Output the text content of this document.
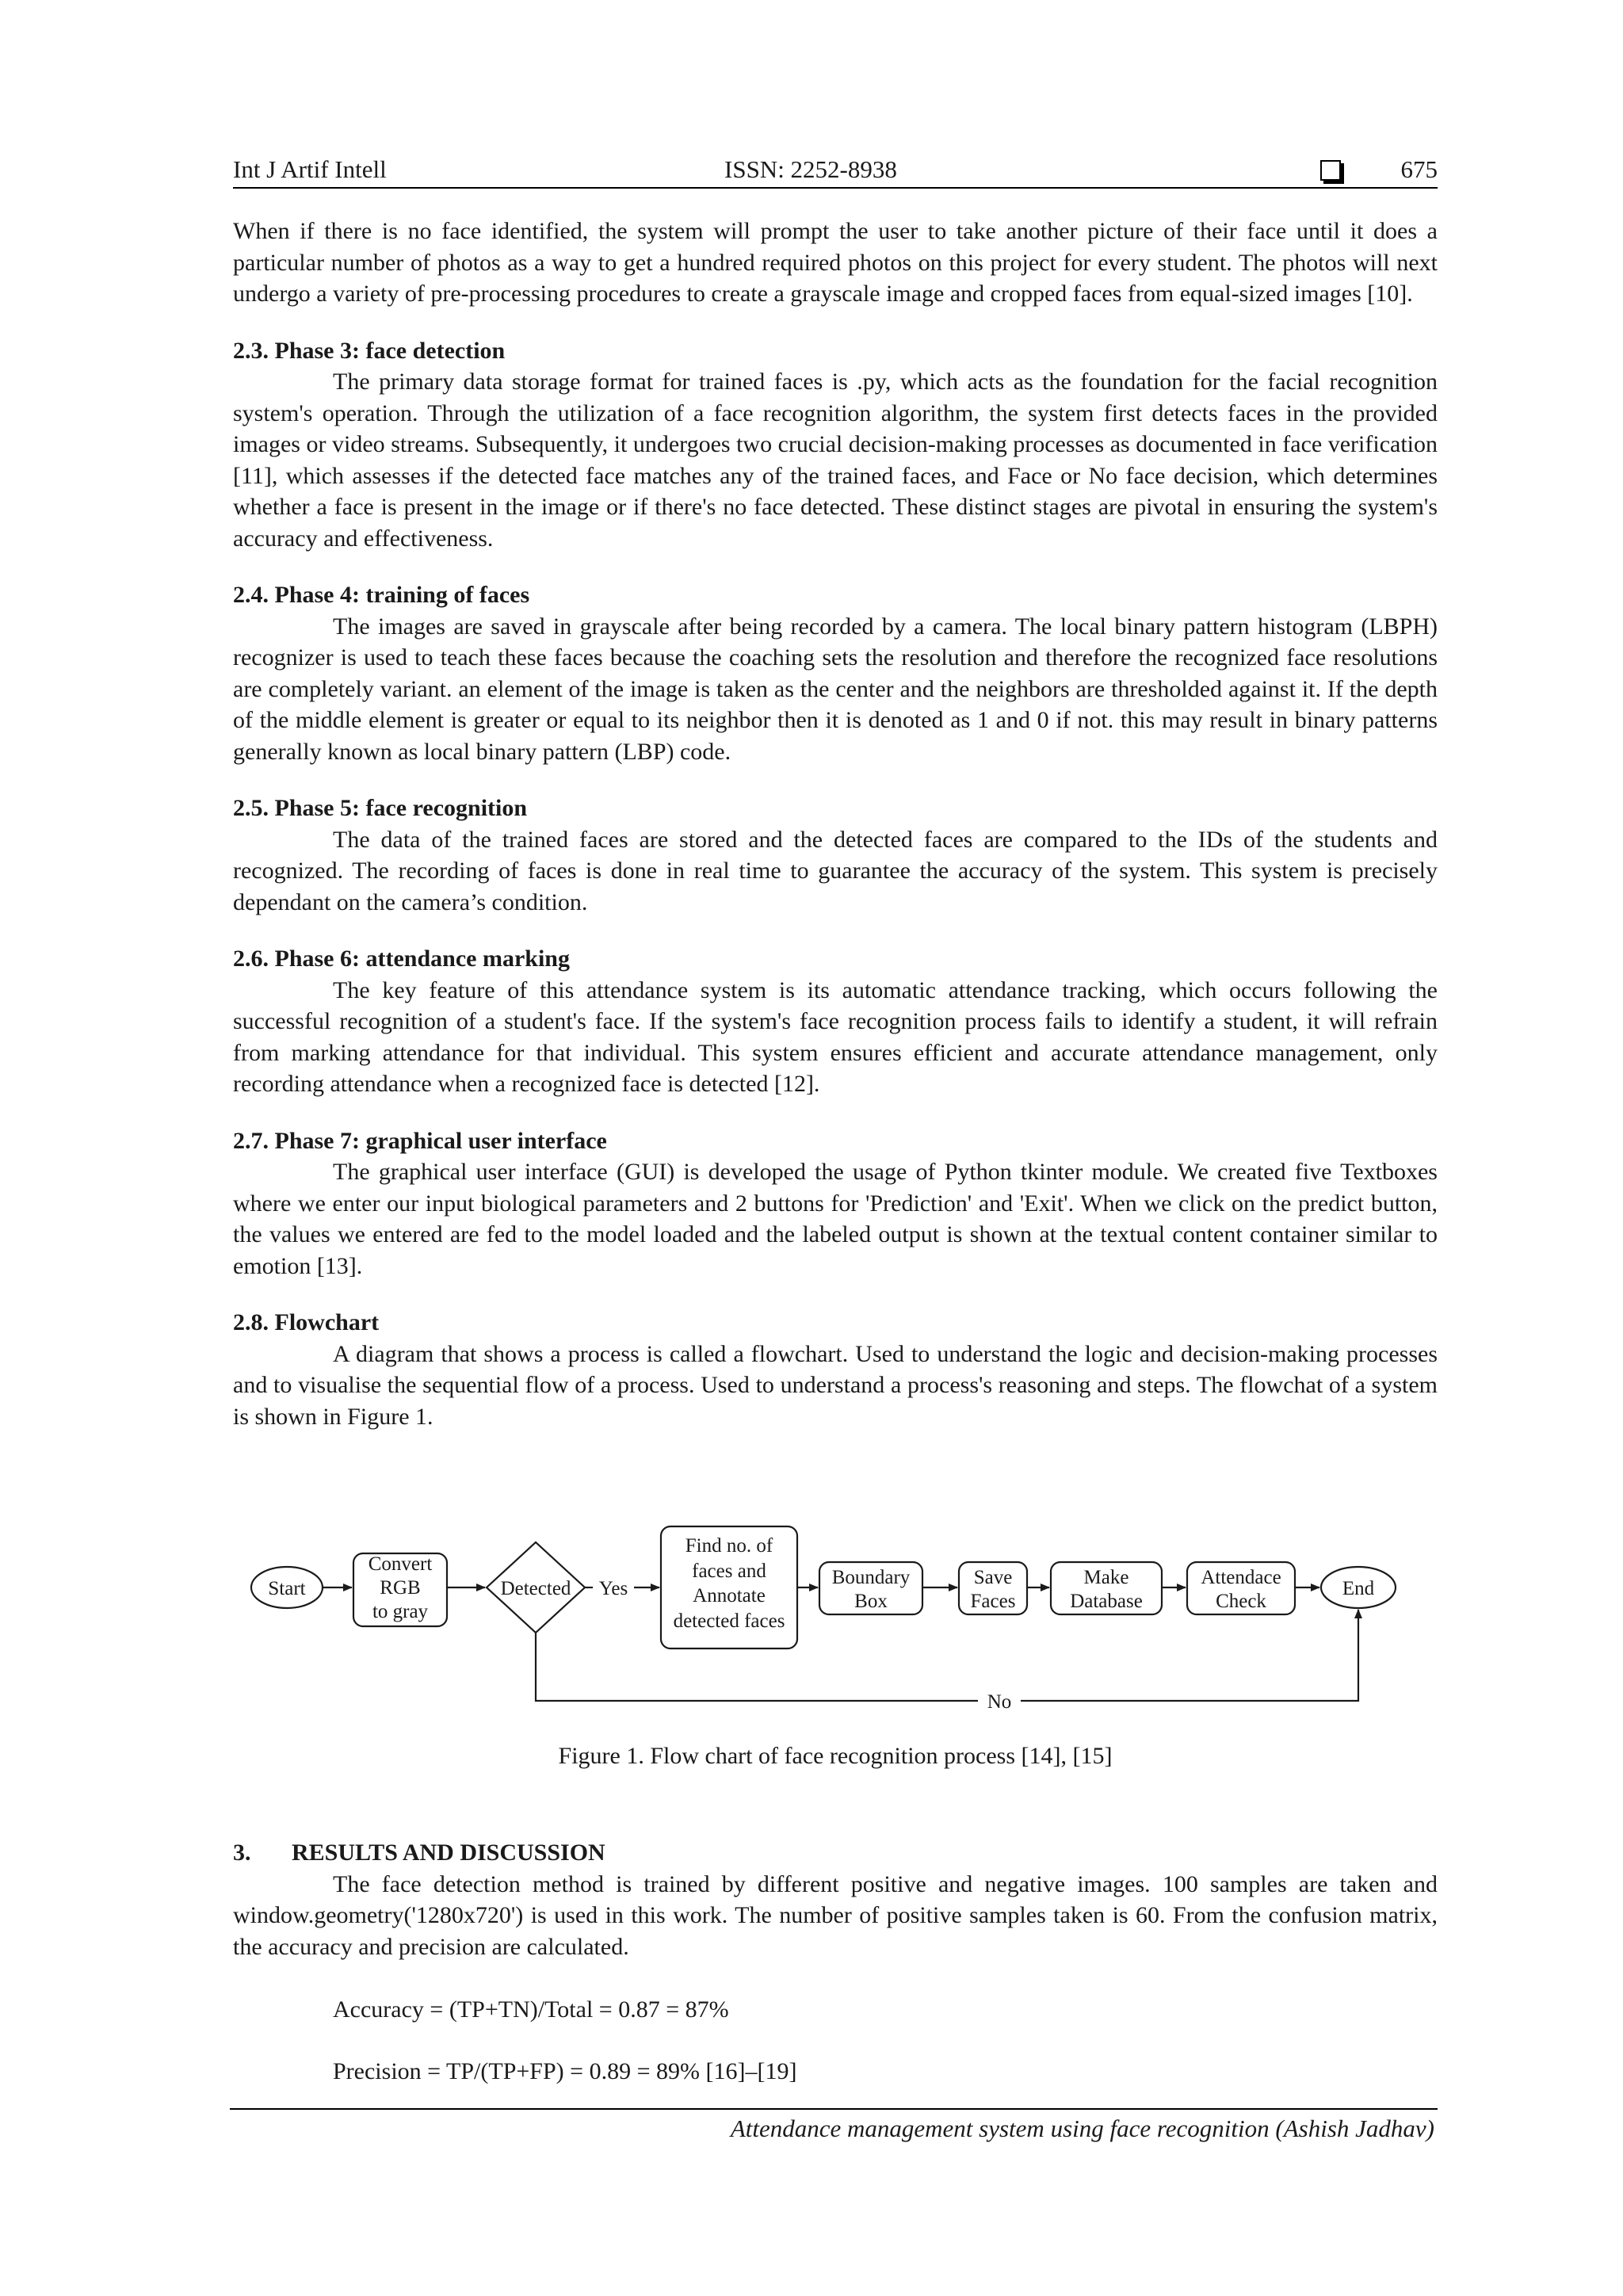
Int J Artif Intell	ISSN: 2252-8938	675

When if there is no face identified, the system will prompt the user to take another picture of their face until it does a particular number of photos as a way to get a hundred required photos on this project for every student. The photos will next undergo a variety of pre-processing procedures to create a grayscale image and cropped faces from equal-sized images [10].

2.3. Phase 3: face detection

The primary data storage format for trained faces is .py, which acts as the foundation for the facial recognition system's operation. Through the utilization of a face recognition algorithm, the system first detects faces in the provided images or video streams. Subsequently, it undergoes two crucial decision-making processes as documented in face verification [11], which assesses if the detected face matches any of the trained faces, and Face or No face decision, which determines whether a face is present in the image or if there's no face detected. These distinct stages are pivotal in ensuring the system's accuracy and effectiveness.

2.4. Phase 4: training of faces

The images are saved in grayscale after being recorded by a camera. The local binary pattern histogram (LBPH) recognizer is used to teach these faces because the coaching sets the resolution and therefore the recognized face resolutions are completely variant. an element of the image is taken as the center and the neighbors are thresholded against it. If the depth of the middle element is greater or equal to its neighbor then it is denoted as 1 and 0 if not. this may result in binary patterns generally known as local binary pattern (LBP) code.

2.5. Phase 5: face recognition

The data of the trained faces are stored and the detected faces are compared to the IDs of the students and recognized. The recording of faces is done in real time to guarantee the accuracy of the system. This system is precisely dependant on the camera’s condition.

2.6. Phase 6: attendance marking

The key feature of this attendance system is its automatic attendance tracking, which occurs following the successful recognition of a student's face. If the system's face recognition process fails to identify a student, it will refrain from marking attendance for that individual. This system ensures efficient and accurate attendance management, only recording attendance when a recognized face is detected [12].

2.7. Phase 7: graphical user interface

The graphical user interface (GUI) is developed the usage of Python tkinter module. We created five Textboxes where we enter our input biological parameters and 2 buttons for 'Prediction' and 'Exit'. When we click on the predict button, the values we entered are fed to the model loaded and the labeled output is shown at the textual content container similar to emotion [13].

2.8. Flowchart

A diagram that shows a process is called a flowchart. Used to understand the logic and decision-making processes and to visualise the sequential flow of a process. Used to understand a process's reasoning and steps. The flowchat of a system is shown in Figure 1.

Start
Convert
RGB
to gray
Detected Yes
Find no. of
faces and
Annotate
detected faces
Boundary
Box
Save
Faces
Make
Database
Attendace
Check
End
No
Figure 1. Flow chart of face recognition process [14], [15]
3. RESULTS AND DISCUSSION

The face detection method is trained by different positive and negative images. 100 samples are taken and window.geometry('1280x720') is used in this work. The number of positive samples taken is 60. From the confusion matrix, the accuracy and precision are calculated.

Accuracy = (TP+TN)/Total = 0.87 = 87%
Precision = TP/(TP+FP) = 0.89 = 89% [16]–[19]
Attendance management system using face recognition (Ashish Jadhav)
